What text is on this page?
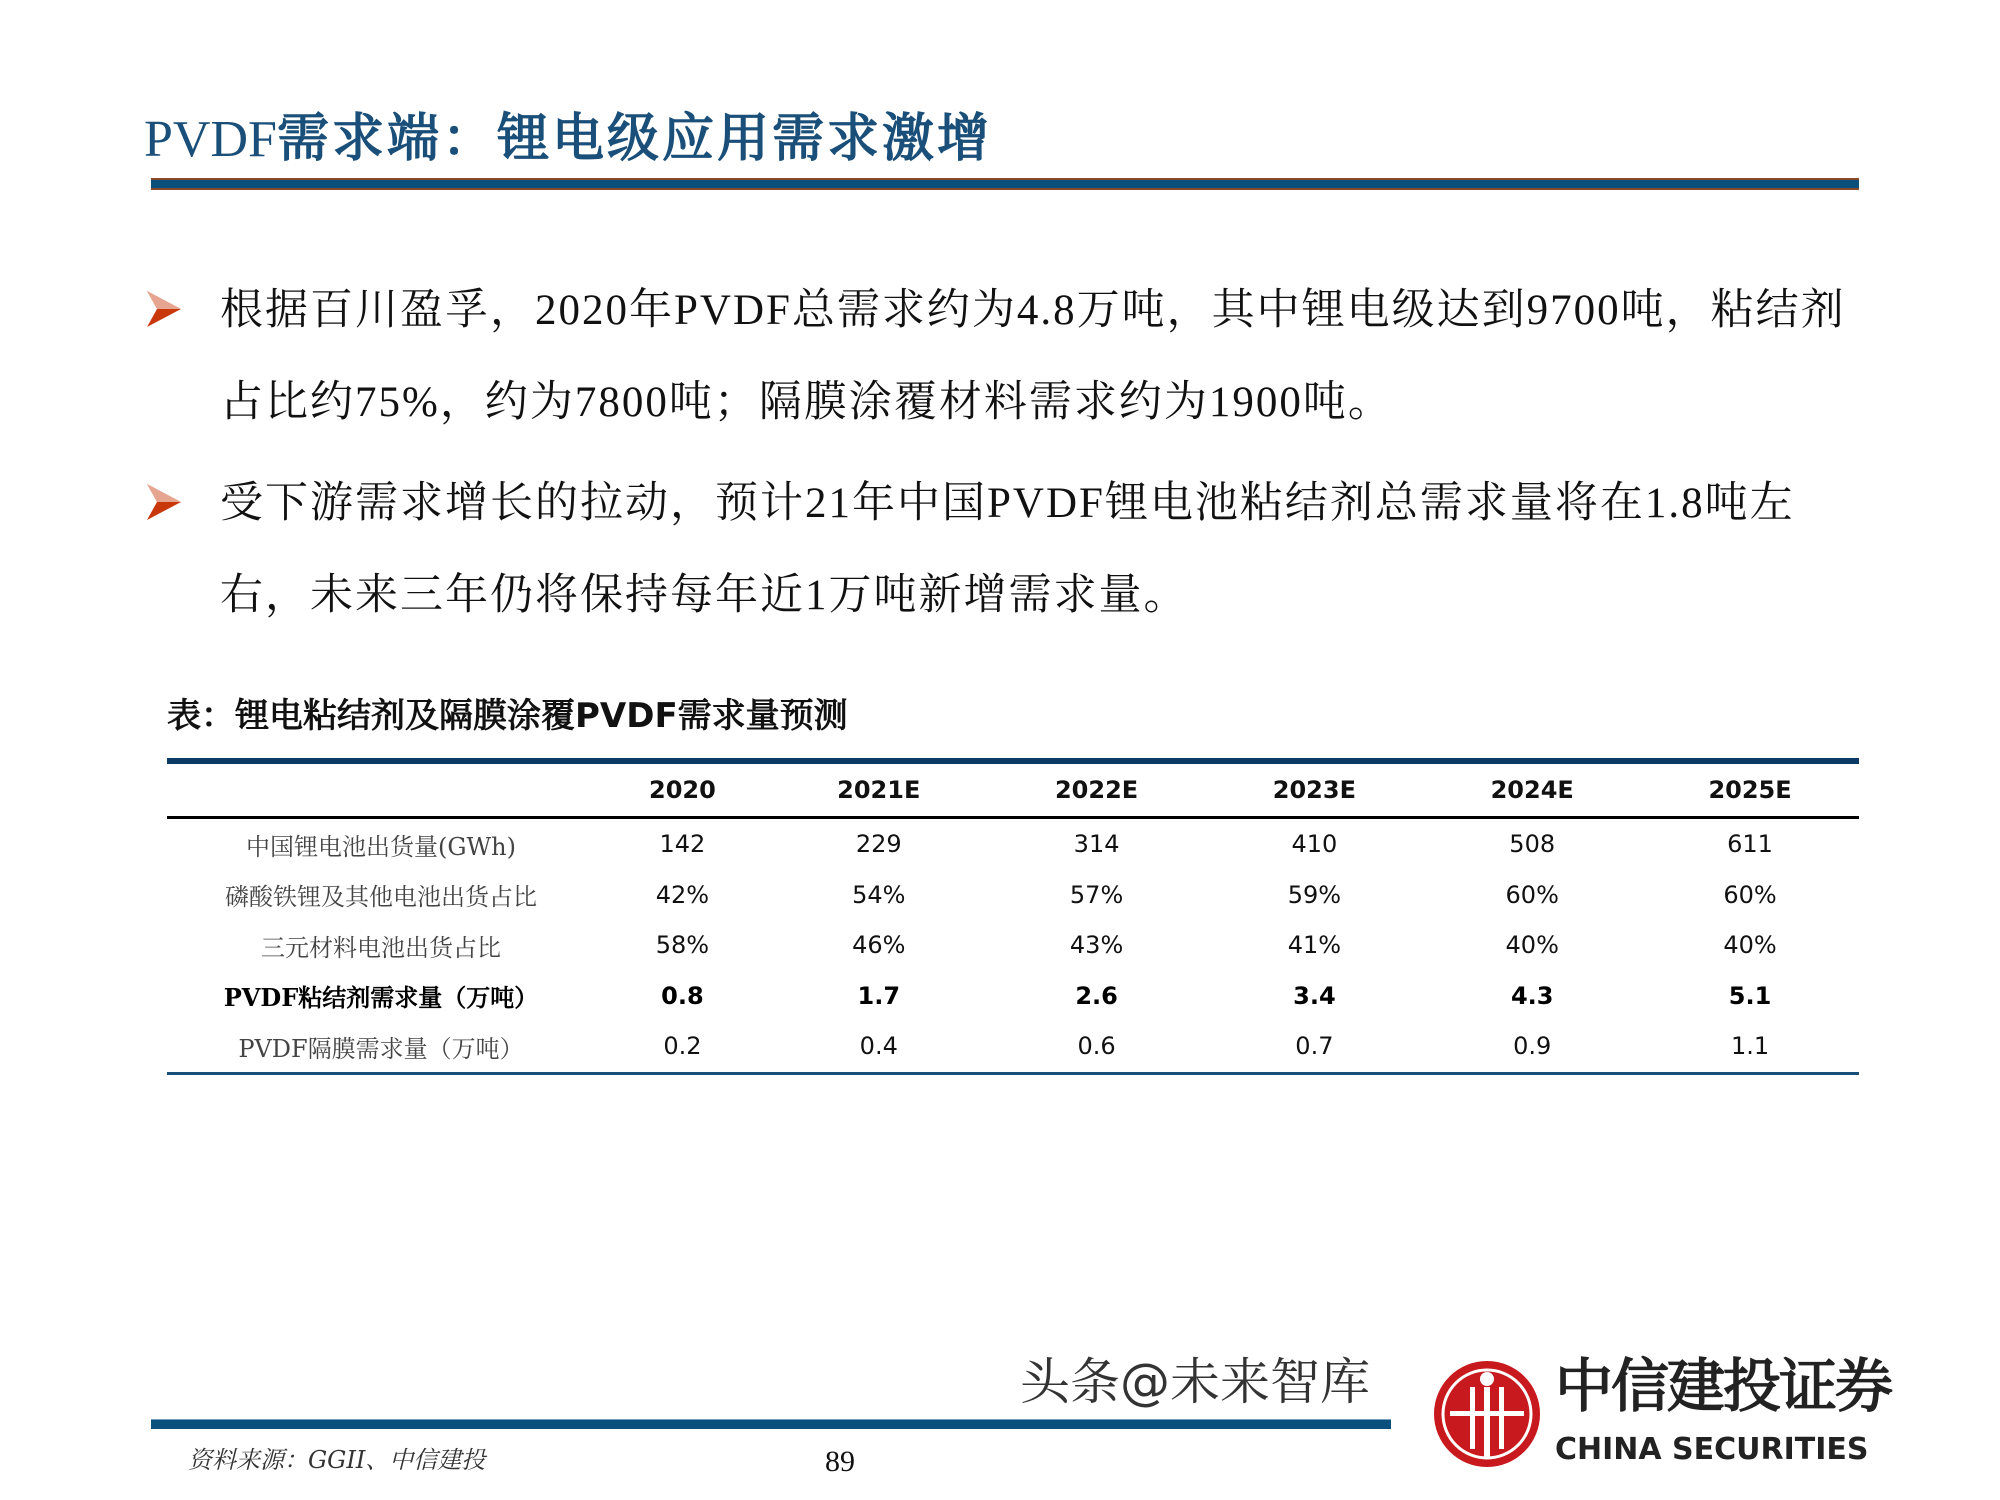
PVDF需求端：锂电级应用需求激增
根据百川盈孚，2020年PVDF总需求约为4.8万吨，其中锂电级达到9700吨，粘结剂占比约75%，约为7800吨；隔膜涂覆材料需求约为1900吨。
受下游需求增长的拉动，预计21年中国PVDF锂电池粘结剂总需求量将在1.8吨左右，未来三年仍将保持每年近1万吨新增需求量。
表：锂电粘结剂及隔膜涂覆PVDF需求量预测
	2020	2021E	2022E	2023E	2024E	2025E
中国锂电池出货量(GWh)	142	229	314	410	508	611
磷酸铁锂及其他电池出货占比	42%	54%	57%	59%	60%	60%
三元材料电池出货占比	58%	46%	43%	41%	40%	40%
PVDF粘结剂需求量（万吨）	0.8	1.7	2.6	3.4	4.3	5.1
PVDF隔膜需求量（万吨）	0.2	0.4	0.6	0.7	0.9	1.1
资料来源：GGII、中信建投	89
中信建投证券
CHINA SECURITIES
头条@未来智库
